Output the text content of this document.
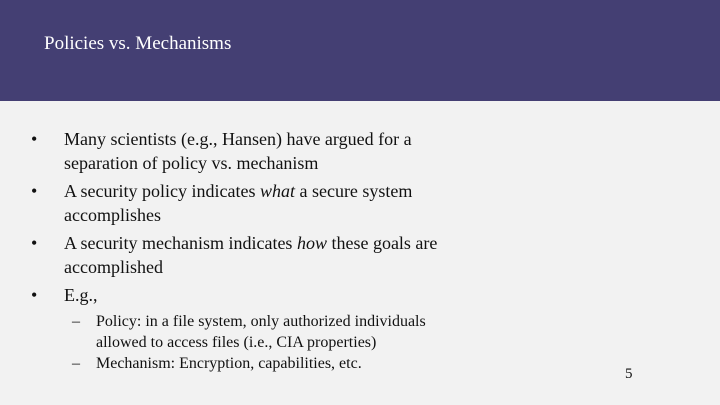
Policies vs. Mechanisms
• Many scientists (e.g., Hansen) have argued for a separation of policy vs. mechanism
• A security policy indicates what a secure system accomplishes
• A security mechanism indicates how these goals are accomplished
• E.g.,
– Policy: in a file system, only authorized individuals allowed to access files (i.e., CIA properties)
– Mechanism: Encryption, capabilities, etc.
5
